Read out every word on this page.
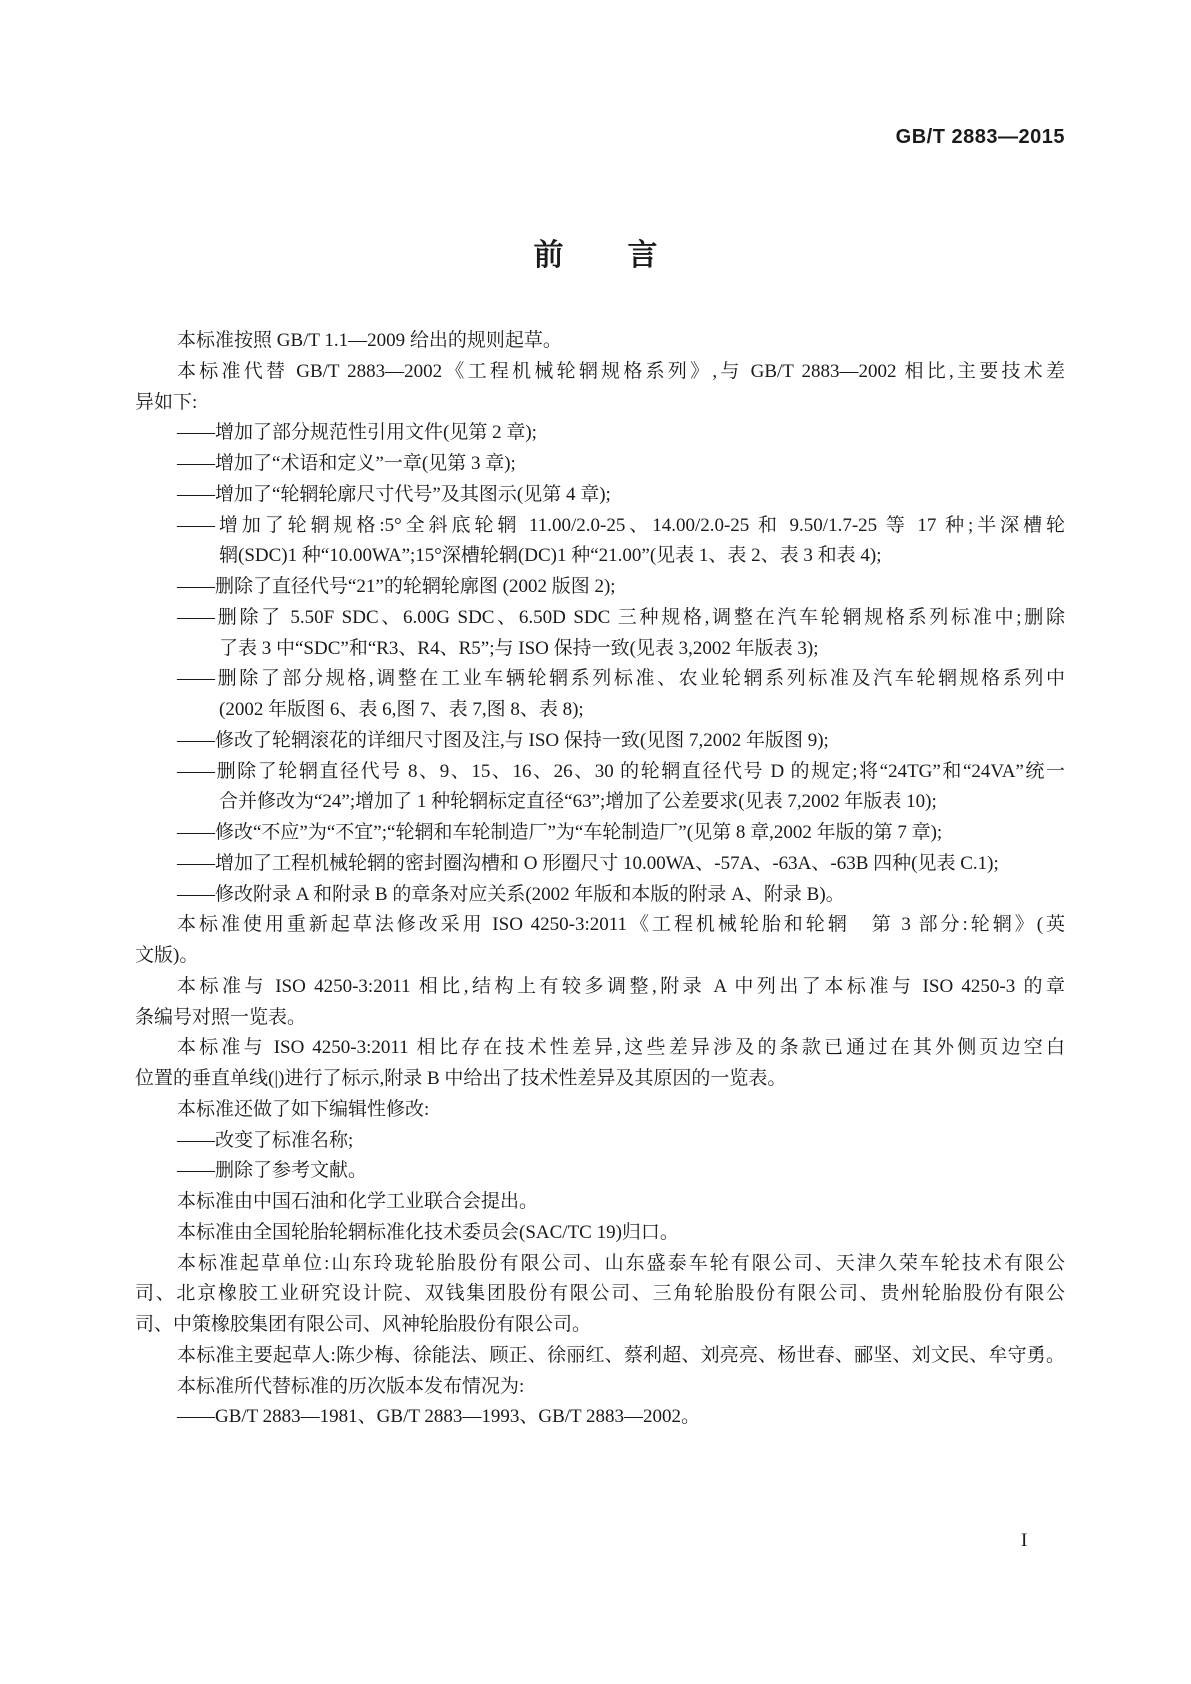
GB/T 2883—2015
前 言
本标准按照 GB/T 1.1—2009 给出的规则起草。
本标准代替 GB/T 2883—2002《工程机械轮辋规格系列》,与 GB/T 2883—2002 相比,主要技术差
异如下:
——增加了部分规范性引用文件(见第 2 章);
——增加了“术语和定义”一章(见第 3 章);
——增加了“轮辋轮廓尺寸代号”及其图示(见第 4 章);
——增加了轮辋规格:5°全斜底轮辋 11.00/2.0-25、14.00/2.0-25 和 9.50/1.7-25 等 17 种;半深槽轮
辋(SDC)1 种“10.00WA”;15°深槽轮辋(DC)1 种“21.00”(见表 1、表 2、表 3 和表 4);
——删除了直径代号“21”的轮辋轮廓图 (2002 版图 2);
——删除了 5.50F SDC、6.00G SDC、6.50D SDC 三种规格,调整在汽车轮辋规格系列标准中;删除
了表 3 中“SDC”和“R3、R4、R5”;与 ISO 保持一致(见表 3,2002 年版表 3);
——删除了部分规格,调整在工业车辆轮辋系列标准、农业轮辋系列标准及汽车轮辋规格系列中
(2002 年版图 6、表 6,图 7、表 7,图 8、表 8);
——修改了轮辋滚花的详细尺寸图及注,与 ISO 保持一致(见图 7,2002 年版图 9);
——删除了轮辋直径代号 8、9、15、16、26、30 的轮辋直径代号 D 的规定;将“24TG”和“24VA”统一
合并修改为“24”;增加了 1 种轮辋标定直径“63”;增加了公差要求(见表 7,2002 年版表 10);
——修改“不应”为“不宜”;“轮辋和车轮制造厂”为“车轮制造厂”(见第 8 章,2002 年版的第 7 章);
——增加了工程机械轮辋的密封圈沟槽和 O 形圈尺寸 10.00WA、-57A、-63A、-63B 四种(见表 C.1);
——修改附录 A 和附录 B 的章条对应关系(2002 年版和本版的附录 A、附录 B)。
本标准使用重新起草法修改采用 ISO 4250-3:2011《工程机械轮胎和轮辋　第 3 部分:轮辋》(英
文版)。
本标准与 ISO 4250-3:2011 相比,结构上有较多调整,附录 A 中列出了本标准与 ISO 4250-3 的章
条编号对照一览表。
本标准与 ISO 4250-3:2011 相比存在技术性差异,这些差异涉及的条款已通过在其外侧页边空白
位置的垂直单线(|)进行了标示,附录 B 中给出了技术性差异及其原因的一览表。
本标准还做了如下编辑性修改:
——改变了标准名称;
——删除了参考文献。
本标准由中国石油和化学工业联合会提出。
本标准由全国轮胎轮辋标准化技术委员会(SAC/TC 19)归口。
本标准起草单位:山东玲珑轮胎股份有限公司、山东盛泰车轮有限公司、天津久荣车轮技术有限公
司、北京橡胶工业研究设计院、双钱集团股份有限公司、三角轮胎股份有限公司、贵州轮胎股份有限公
司、中策橡胶集团有限公司、风神轮胎股份有限公司。
本标准主要起草人:陈少梅、徐能法、顾正、徐丽红、蔡利超、刘亮亮、杨世春、郦坚、刘文民、牟守勇。
本标准所代替标准的历次版本发布情况为:
——GB/T 2883—1981、GB/T 2883—1993、GB/T 2883—2002。
I
